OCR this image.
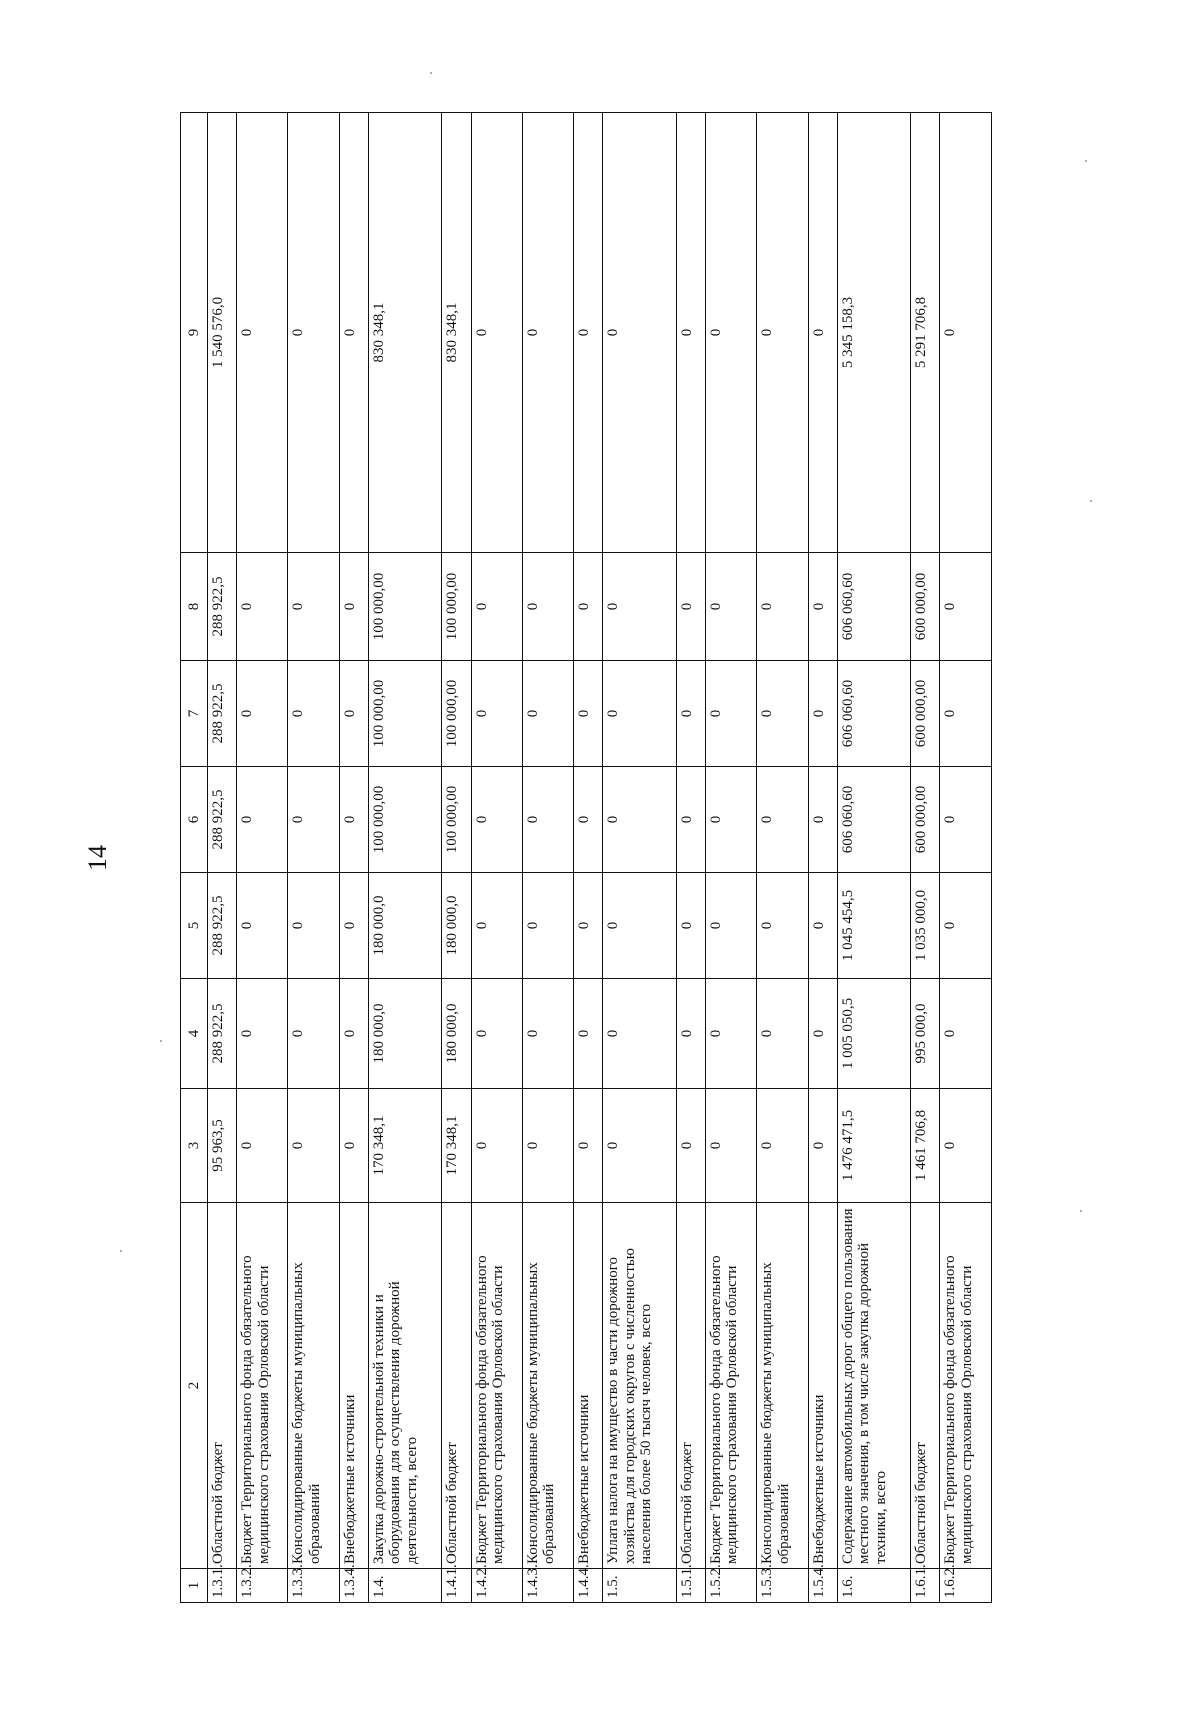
14
1	2	3	4	5	6	7	8	9
1.3.1.	Областной бюджет	95 963,5	288 922,5	288 922,5	288 922,5	288 922,5	288 922,5	1 540 576,0
1.3.2.	Бюджет Территориального фонда обязательного медицинского страхования Орловской области	0	0	0	0	0	0	0
1.3.3.	Консолидированные бюджеты муниципальных образований	0	0	0	0	0	0	0
1.3.4.	Внебюджетные источники	0	0	0	0	0	0	0
1.4.	Закупка дорожно-строительной техники и оборудования для осуществления дорожной деятельности, всего	170 348,1	180 000,0	180 000,0	100 000,00	100 000,00	100 000,00	830 348,1
1.4.1.	Областной бюджет	170 348,1	180 000,0	180 000,0	100 000,00	100 000,00	100 000,00	830 348,1
1.4.2.	Бюджет Территориального фонда обязательного медицинского страхования Орловской области	0	0	0	0	0	0	0
1.4.3.	Консолидированные бюджеты муниципальных образований	0	0	0	0	0	0	0
1.4.4.	Внебюджетные источники	0	0	0	0	0	0	0
1.5.	Уплата налога на имущество в части дорожного хозяйства для городских округов с численностью населения более 50 тысяч человек, всего	0	0	0	0	0	0	0
1.5.1.	Областной бюджет	0	0	0	0	0	0	0
1.5.2.	Бюджет Территориального фонда обязательного медицинского страхования Орловской области	0	0	0	0	0	0	0
1.5.3.	Консолидированные бюджеты муниципальных образований	0	0	0	0	0	0	0
1.5.4.	Внебюджетные источники	0	0	0	0	0	0	0
1.6.	Содержание автомобильных дорог общего пользования местного значения, в том числе закупка дорожной техники, всего	1 476 471,5	1 005 050,5	1 045 454,5	606 060,60	606 060,60	606 060,60	5 345 158,3
1.6.1.	Областной бюджет	1 461 706,8	995 000,0	1 035 000,0	600 000,00	600 000,00	600 000,00	5 291 706,8
1.6.2.	Бюджет Территориального фонда обязательного медицинского страхования Орловской области	0	0	0	0	0	0	0
